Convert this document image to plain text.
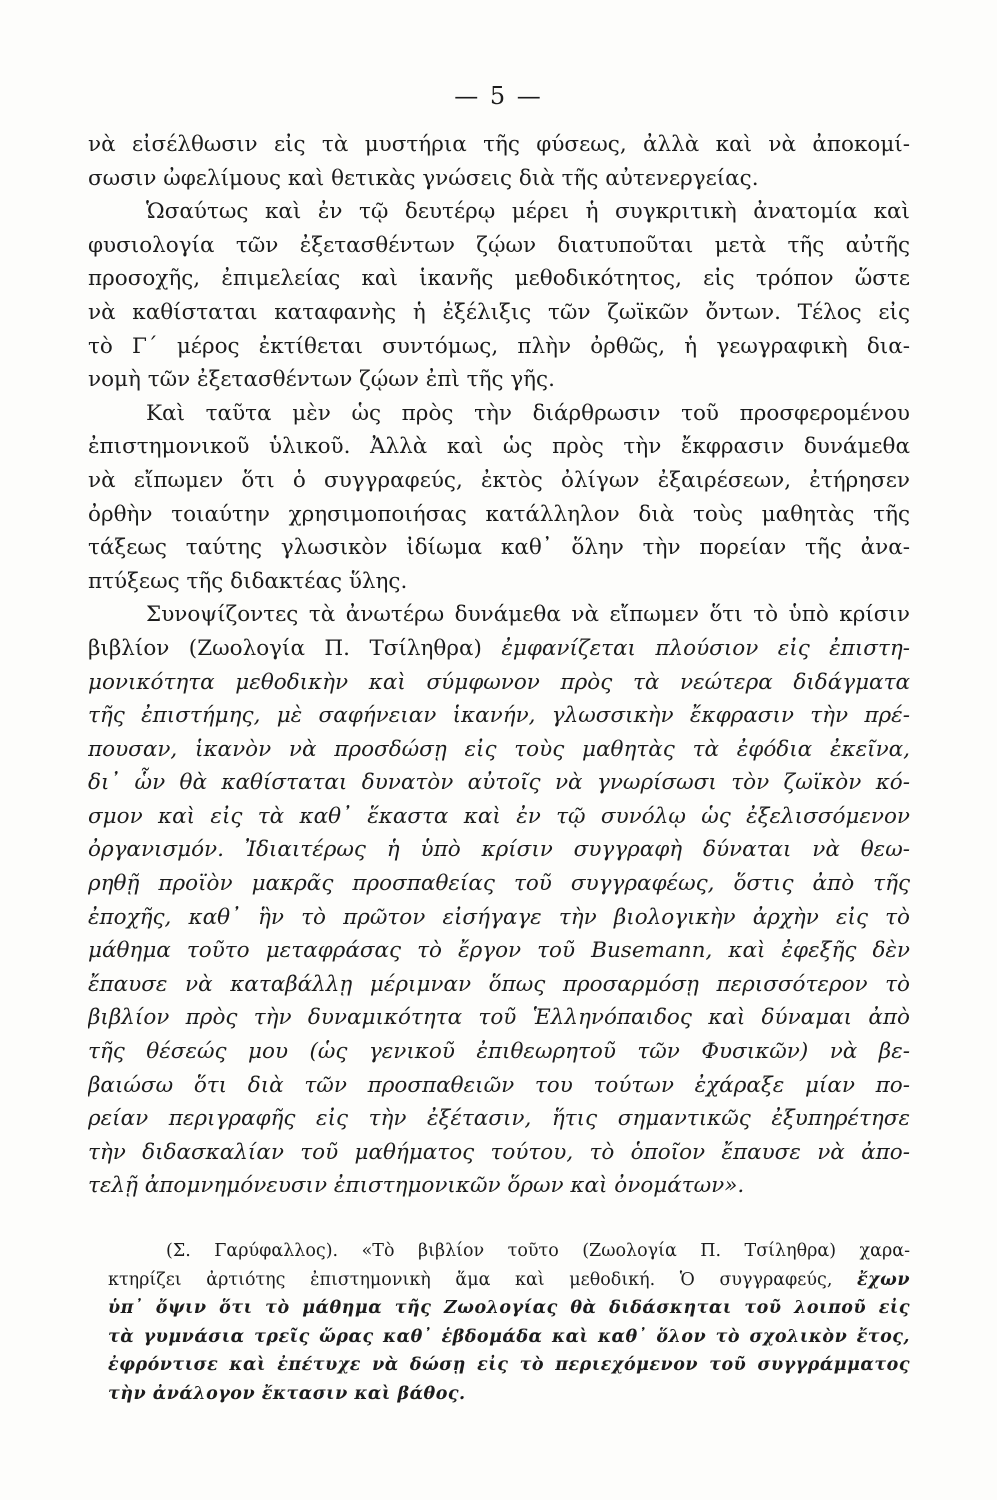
— 5 —
νὰ εἰσέλθωσιν εἰς τὰ μυστήρια τῆς φύσεως, ἀλλὰ καὶ νὰ ἀποκομί-
σωσιν ὠφελίμους καὶ θετικὰς γνώσεις διὰ τῆς αὐτενεργείας.
Ὡσαύτως καὶ ἐν τῷ δευτέρῳ μέρει ἡ συγκριτικὴ ἀνατομία καὶ
φυσιολογία τῶν ἐξετασθέντων ζῴων διατυποῦται μετὰ τῆς αὐτῆς
προσοχῆς, ἐπιμελείας καὶ ἱκανῆς μεθοδικότητος, εἰς τρόπον ὥστε
νὰ καθίσταται καταφανὴς ἡ ἐξέλιξις τῶν ζωϊκῶν ὄντων. Τέλος εἰς
τὸ Γ΄ μέρος ἐκτίθεται συντόμως, πλὴν ὀρθῶς, ἡ γεωγραφικὴ δια-
νομὴ τῶν ἐξετασθέντων ζῴων ἐπὶ τῆς γῆς.
Καὶ ταῦτα μὲν ὡς πρὸς τὴν διάρθρωσιν τοῦ προσφερομένου
ἐπιστημονικοῦ ὑλικοῦ. Ἀλλὰ καὶ ὡς πρὸς τὴν ἔκφρασιν δυνάμεθα
νὰ εἴπωμεν ὅτι ὁ συγγραφεύς, ἐκτὸς ὀλίγων ἐξαιρέσεων, ἐτήρησεν
ὀρθὴν τοιαύτην χρησιμοποιήσας κατάλληλον διὰ τοὺς μαθητὰς τῆς
τάξεως ταύτης γλωσικὸν ἰδίωμα καθ᾿ ὅλην τὴν πορείαν τῆς ἀνα-
πτύξεως τῆς διδακτέας ὕλης.
Συνοψίζοντες τὰ ἀνωτέρω δυνάμεθα νὰ εἴπωμεν ὅτι τὸ ὑπὸ κρίσιν
βιβλίον (Ζωολογία Π. Τσίληθρα) ἐμφανίζεται πλούσιον εἰς ἐπιστη-
μονικότητα μεθοδικὴν καὶ σύμφωνον πρὸς τὰ νεώτερα διδάγματα
τῆς ἐπιστήμης, μὲ σαφήνειαν ἱκανήν, γλωσσικὴν ἔκφρασιν τὴν πρέ-
πουσαν, ἱκανὸν νὰ προσδώσῃ εἰς τοὺς μαθητὰς τὰ ἐφόδια ἐκεῖνα,
δι᾿ ὧν θὰ καθίσταται δυνατὸν αὐτοῖς νὰ γνωρίσωσι τὸν ζωϊκὸν κό-
σμον καὶ εἰς τὰ καθ᾿ ἕκαστα καὶ ἐν τῷ συνόλῳ ὡς ἐξελισσόμενον
ὀργανισμόν. Ἰδιαιτέρως ἡ ὑπὸ κρίσιν συγγραφὴ δύναται νὰ θεω-
ρηθῇ προϊὸν μακρᾶς προσπαθείας τοῦ συγγραφέως, ὅστις ἀπὸ τῆς
ἐποχῆς, καθ᾿ ἣν τὸ πρῶτον εἰσήγαγε τὴν βιολογικὴν ἀρχὴν εἰς τὸ
μάθημα τοῦτο μεταφράσας τὸ ἔργον τοῦ Busemann, καὶ ἐφεξῆς δὲν
ἔπαυσε νὰ καταβάλλῃ μέριμναν ὅπως προσαρμόσῃ περισσότερον τὸ
βιβλίον πρὸς τὴν δυναμικότητα τοῦ Ἑλληνόπαιδος καὶ δύναμαι ἀπὸ
τῆς θέσεώς μου (ὡς γενικοῦ ἐπιθεωρητοῦ τῶν Φυσικῶν) νὰ βε-
βαιώσω ὅτι διὰ τῶν προσπαθειῶν του τούτων ἐχάραξε μίαν πο-
ρείαν περιγραφῆς εἰς τὴν ἐξέτασιν, ἥτις σημαντικῶς ἐξυπηρέτησε
τὴν διδασκαλίαν τοῦ μαθήματος τούτου, τὸ ὁποῖον ἔπαυσε νὰ ἀπο-
τελῇ ἀπομνημόνευσιν ἐπιστημονικῶν ὅρων καὶ ὀνομάτων».
(Σ. Γαρύφαλλος). «Τὸ βιβλίον τοῦτο (Ζωολογία Π. Τσίληθρα) χαρα-
κτηρίζει ἀρτιότης ἐπιστημονικὴ ἅμα καὶ μεθοδική. Ὁ συγγραφεύς, ἔχων
ὑπ᾿ ὄψιν ὅτι τὸ μάθημα τῆς Ζωολογίας θὰ διδάσκηται τοῦ λοιποῦ εἰς
τὰ γυμνάσια τρεῖς ὥρας καθ᾿ ἑβδομάδα καὶ καθ᾿ ὅλον τὸ σχολικὸν ἔτος,
ἐφρόντισε καὶ ἐπέτυχε νὰ δώσῃ εἰς τὸ περιεχόμενον τοῦ συγγράμματος
τὴν ἀνάλογον ἔκτασιν καὶ βάθος.
